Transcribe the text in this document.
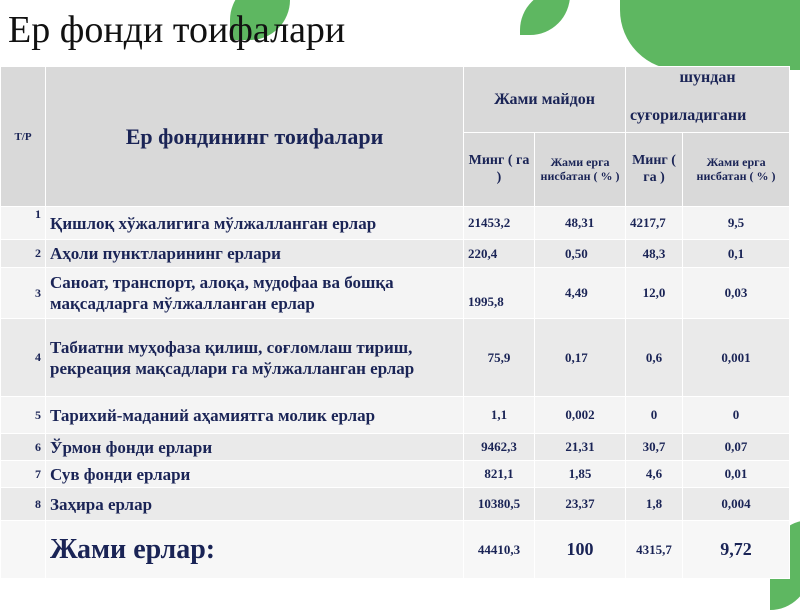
Ер фонди тоифалари
Т/Р	Ер фондининг тоифалари	Жами майдон		шундан
суғориладигани	

		Минг ( га )	Жами ерга нисбатан ( % )	Минг ( га )	Жами ерга нисбатан ( % )
1	Қишлоқ хўжалигига мўлжалланган ерлар	21453,2	48,31	4217,7	9,5
2	Аҳоли пунктларининг ерлари	220,4	0,50	48,3	0,1
3	Саноат, транспорт, алоқа, мудофаа ва бошқа мақсадларга мўлжалланган ерлар	1995,8	4,49	12,0	0,03
4	Табиатни муҳофаза қилиш, соғломлаш тириш, рекреация мақсадлари га мўлжалланган ерлар	75,9	0,17	0,6	0,001
5	Тарихий-маданий аҳамиятга молик ерлар	1,1	0,002	0	0
6	Ўрмон фонди ерлари	9462,3	21,31	30,7	0,07
7	Сув фонди ерлари	821,1	1,85	4,6	0,01
8	Заҳира ерлар	10380,5	23,37	1,8	0,004
	Жами ерлар:	44410,3	100	4315,7	9,72
